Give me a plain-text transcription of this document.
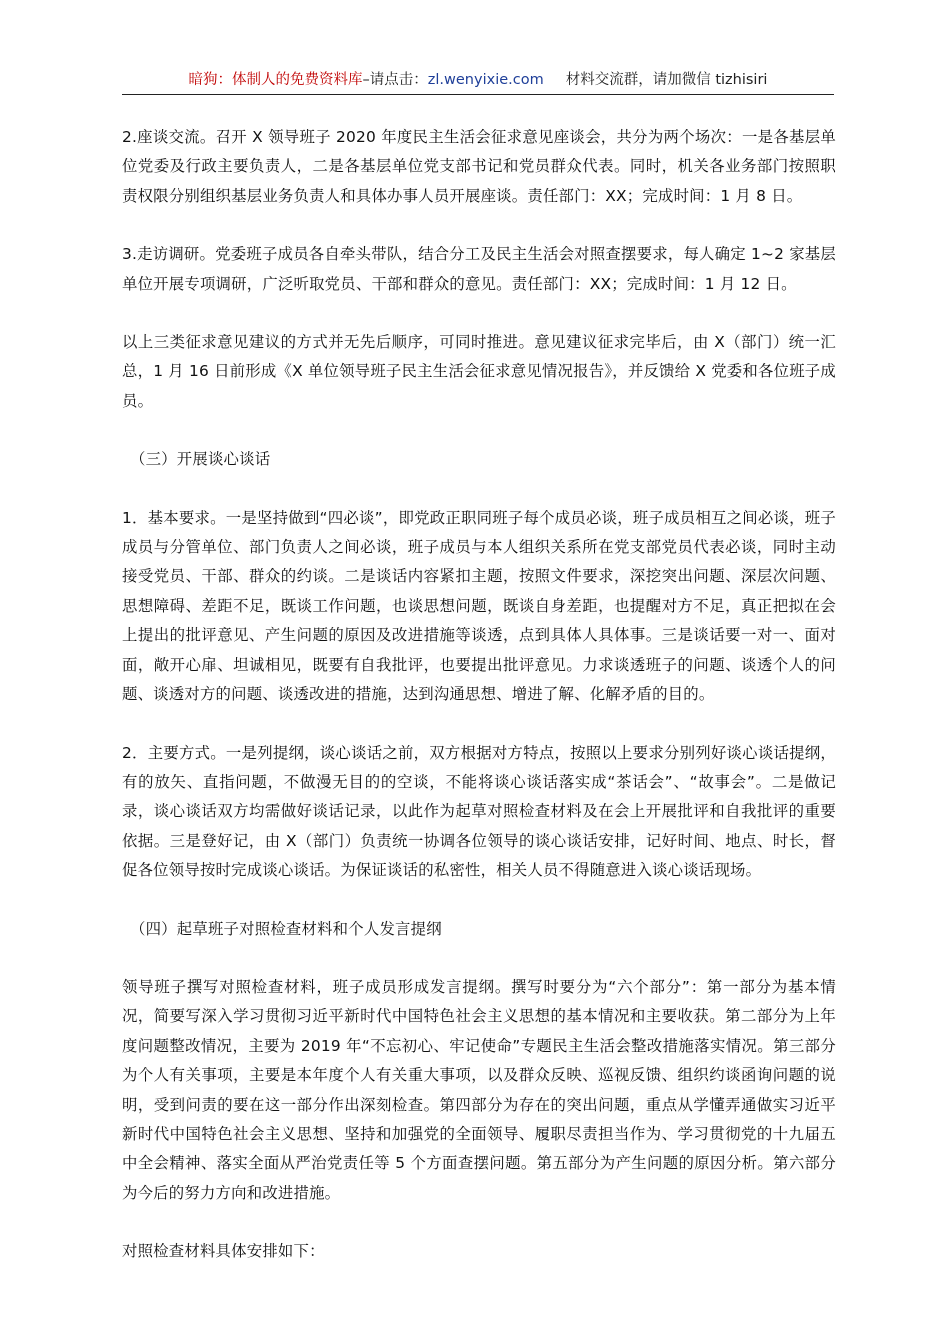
暗狗：体制人的免费资料库–请点击：zl.wenyixie.com 材料交流群，请加微信 tizhisiri

2.座谈交流。召开 X 领导班子 2020 年度民主生活会征求意见座谈会，共分为两个场次：一是各基层单位党委及行政主要负责人，二是各基层单位党支部书记和党员群众代表。同时，机关各业务部门按照职责权限分别组织基层业务负责人和具体办事人员开展座谈。责任部门：XX；完成时间：1 月 8 日。

3.走访调研。党委班子成员各自牵头带队，结合分工及民主生活会对照查摆要求，每人确定 1~2 家基层单位开展专项调研，广泛听取党员、干部和群众的意见。责任部门：XX；完成时间：1 月 12 日。

以上三类征求意见建议的方式并无先后顺序，可同时推进。意见建议征求完毕后，由 X（部门）统一汇总，1 月 16 日前形成《X 单位领导班子民主生活会征求意见情况报告》，并反馈给 X 党委和各位班子成员。

（三）开展谈心谈话

1．基本要求。一是坚持做到“四必谈”，即党政正职同班子每个成员必谈，班子成员相互之间必谈，班子成员与分管单位、部门负责人之间必谈，班子成员与本人组织关系所在党支部党员代表必谈，同时主动接受党员、干部、群众的约谈。二是谈话内容紧扣主题，按照文件要求，深挖突出问题、深层次问题、思想障碍、差距不足，既谈工作问题，也谈思想问题，既谈自身差距，也提醒对方不足，真正把拟在会上提出的批评意见、产生问题的原因及改进措施等谈透，点到具体人具体事。三是谈话要一对一、面对面，敞开心扉、坦诚相见，既要有自我批评，也要提出批评意见。力求谈透班子的问题、谈透个人的问题、谈透对方的问题、谈透改进的措施，达到沟通思想、增进了解、化解矛盾的目的。

2．主要方式。一是列提纲，谈心谈话之前，双方根据对方特点，按照以上要求分别列好谈心谈话提纲，有的放矢、直指问题，不做漫无目的的空谈，不能将谈心谈话落实成“茶话会”、“故事会”。二是做记录，谈心谈话双方均需做好谈话记录，以此作为起草对照检查材料及在会上开展批评和自我批评的重要依据。三是登好记，由 X（部门）负责统一协调各位领导的谈心谈话安排，记好时间、地点、时长，督促各位领导按时完成谈心谈话。为保证谈话的私密性，相关人员不得随意进入谈心谈话现场。

（四）起草班子对照检查材料和个人发言提纲

领导班子撰写对照检查材料，班子成员形成发言提纲。撰写时要分为“六个部分”：第一部分为基本情况，简要写深入学习贯彻习近平新时代中国特色社会主义思想的基本情况和主要收获。第二部分为上年度问题整改情况，主要为 2019 年“不忘初心、牢记使命”专题民主生活会整改措施落实情况。第三部分为个人有关事项，主要是本年度个人有关重大事项，以及群众反映、巡视反馈、组织约谈函询问题的说明，受到问责的要在这一部分作出深刻检查。第四部分为存在的突出问题，重点从学懂弄通做实习近平新时代中国特色社会主义思想、坚持和加强党的全面领导、履职尽责担当作为、学习贯彻党的十九届五中全会精神、落实全面从严治党责任等 5 个方面查摆问题。第五部分为产生问题的原因分析。第六部分为今后的努力方向和改进措施。

对照检查材料具体安排如下：
